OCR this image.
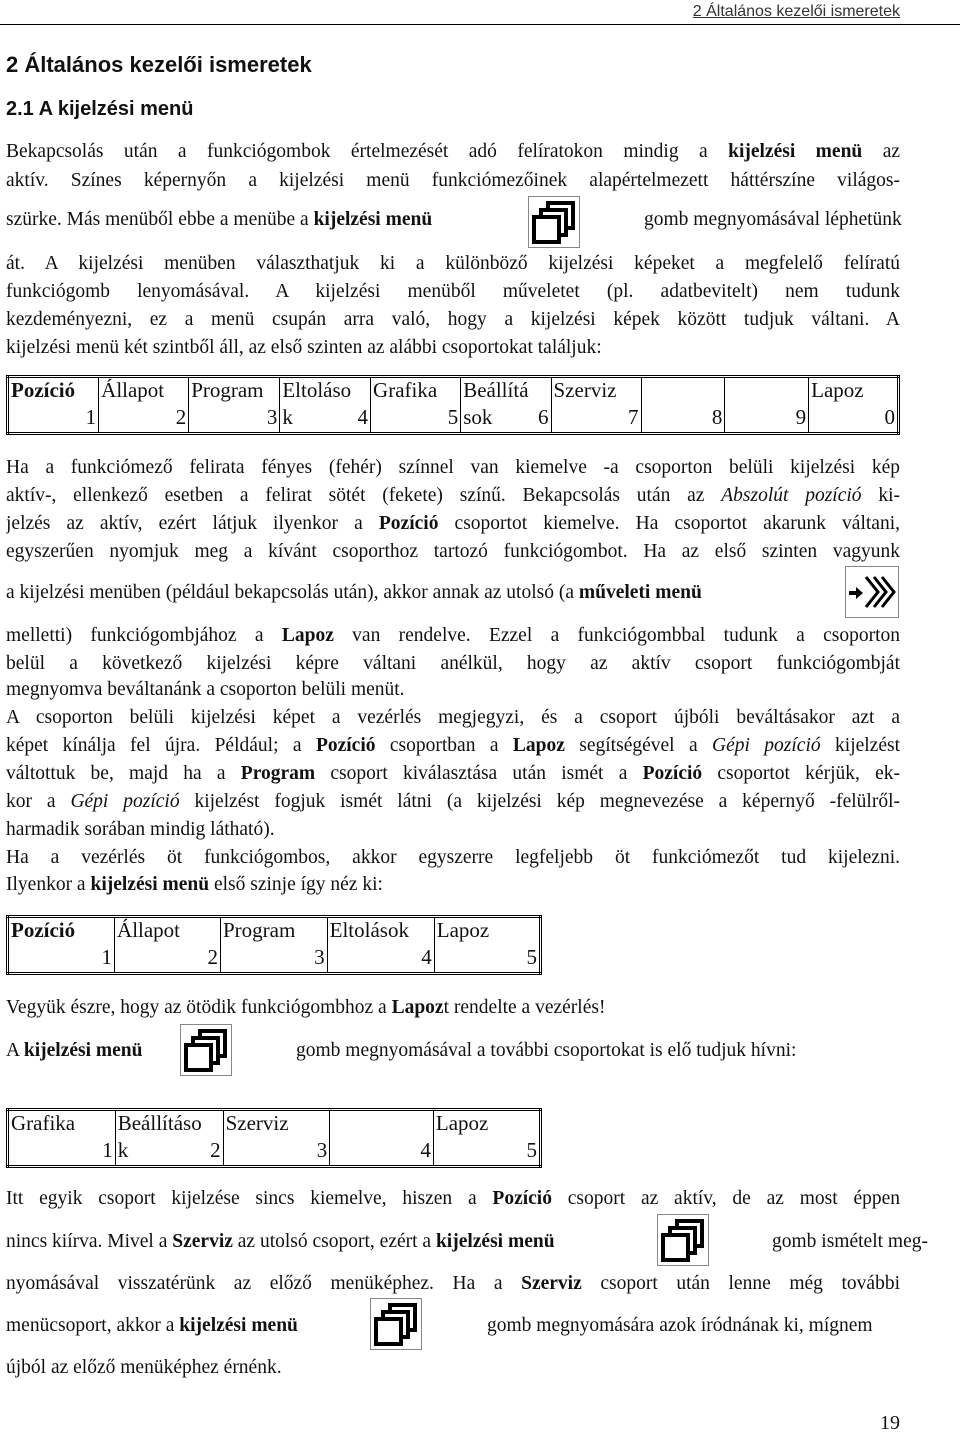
2 Általános kezelői ismeretek
2 Általános kezelői ismeretek
2.1 A kijelzési menü
Bekapcsolás után a funkciógombok értelmezését adó felíratokon mindig a kijelzési menü az
aktív. Színes képernyőn a kijelzési menü funkciómezőinek alapértelmezett háttérszíne világos-
szürke. Más menüből ebbe a menübe a kijelzési menü	gomb megnyomásával léphetünk
át. A kijelzési menüben választhatjuk ki a különböző kijelzési képeket a megfelelő felíratú
funkciógomb lenyomásával. A kijelzési menüből műveletet (pl. adatbevitelt) nem tudunk
kezdeményezni, ez a menü csupán arra való, hogy a kijelzési képek között tudjuk váltani. A
kijelzési menü két szintből áll, az első szinten az alábbi csoportokat találjuk:
Pozíció	Állapot	Program	Eltoláso	Grafika	Beállítá	Szerviz			Lapoz

1	2	3	k 4	5	sok 6	7	8	9	0
Ha a funkciómező felirata fényes (fehér) színnel van kiemelve -a csoporton belüli kijelzési kép
aktív-, ellenkező esetben a felirat sötét (fekete) színű. Bekapcsolás után az Abszolút pozíció ki-
jelzés az aktív, ezért látjuk ilyenkor a Pozíció csoportot kiemelve. Ha csoportot akarunk váltani,
egyszerűen nyomjuk meg a kívánt csoporthoz tartozó funkciógombot. Ha az első szinten vagyunk
a kijelzési menüben (például bekapcsolás után), akkor annak az utolsó (a műveleti menü
melletti) funkciógombjához a Lapoz van rendelve. Ezzel a funkciógombbal tudunk a csoporton
belül a következő kijelzési képre váltani anélkül, hogy az aktív csoport funkciógombját
megnyomva beváltanánk a csoporton belüli menüt.
A csoporton belüli kijelzési képet a vezérlés megjegyzi, és a csoport újbóli beváltásakor azt a
képet kínálja fel újra. Például; a Pozíció csoportban a Lapoz segítségével a Gépi pozíció kijelzést
váltottuk be, majd ha a Program csoport kiválasztása után ismét a Pozíció csoportot kérjük, ek-
kor a Gépi pozíció kijelzést fogjuk ismét látni (a kijelzési kép megnevezése a képernyő -felülről-
harmadik sorában mindig látható).
Ha a vezérlés öt funkciógombos, akkor egyszerre legfeljebb öt funkciómezőt tud kijelezni.
Ilyenkor a kijelzési menü első szinje így néz ki:
Pozíció	Állapot	Program	Eltolások	Lapoz

1	2	3	4	5
Vegyük észre, hogy az ötödik funkciógombhoz a Lapozt rendelte a vezérlés!
A kijelzési menü	gomb megnyomásával a további csoportokat is elő tudjuk hívni:
Grafika	Beállításo	Szerviz		Lapoz

1	k 2	3	4	5
Itt egyik csoport kijelzése sincs kiemelve, hiszen a Pozíció csoport az aktív, de az most éppen
nincs kiírva. Mivel a Szerviz az utolsó csoport, ezért a kijelzési menü	gomb ismételt meg-
nyomásával visszatérünk az előző menüképhez. Ha a Szerviz csoport után lenne még további
menücsoport, akkor a kijelzési menü	gomb megnyomására azok íródnának ki, mígnem
újból az előző menüképhez érnénk.
19
